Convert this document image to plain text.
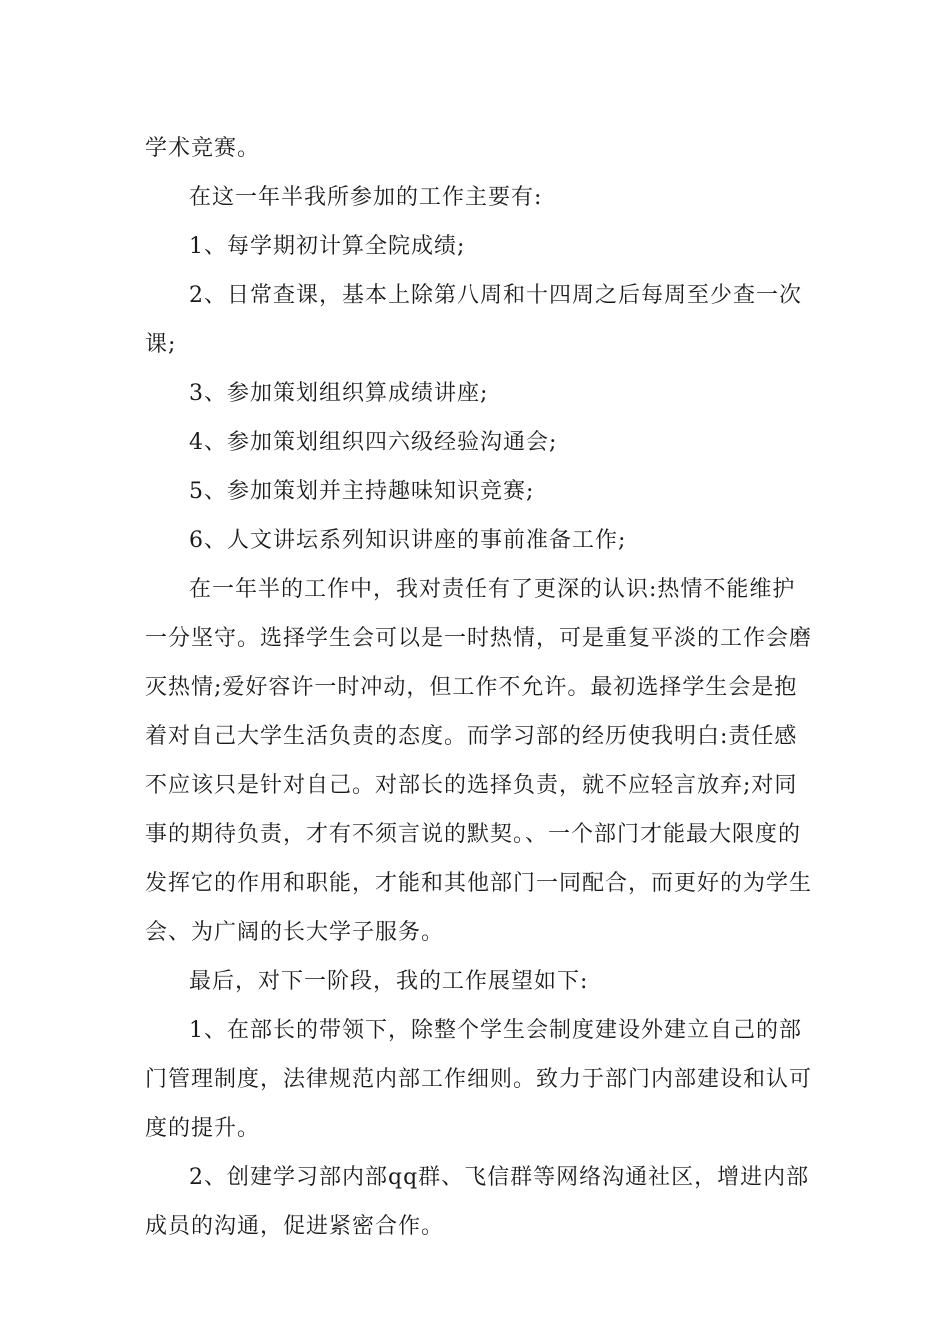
学术竞赛。

在这一年半我所参加的工作主要有:

1、每学期初计算全院成绩;

2、日常查课，基本上除第八周和十四周之后每周至少查一次课;

3、参加策划组织算成绩讲座;

4、参加策划组织四六级经验沟通会;

5、参加策划并主持趣味知识竞赛;

6、人文讲坛系列知识讲座的事前准备工作;

在一年半的工作中，我对责任有了更深的认识:热情不能维护一分坚守。选择学生会可以是一时热情，可是重复平淡的工作会磨灭热情;爱好容许一时冲动，但工作不允许。最初选择学生会是抱着对自己大学生活负责的态度。而学习部的经历使我明白:责任感不应该只是针对自己。对部长的选择负责，就不应轻言放弃;对同事的期待负责，才有不须言说的默契。、一个部门才能最大限度的发挥它的作用和职能，才能和其他部门一同配合，而更好的为学生会、为广阔的长大学子服务。

最后，对下一阶段，我的工作展望如下:

1、在部长的带领下，除整个学生会制度建设外建立自己的部门管理制度，法律规范内部工作细则。致力于部门内部建设和认可度的提升。

2、创建学习部内部qq群、飞信群等网络沟通社区，增进内部成员的沟通，促进紧密合作。
